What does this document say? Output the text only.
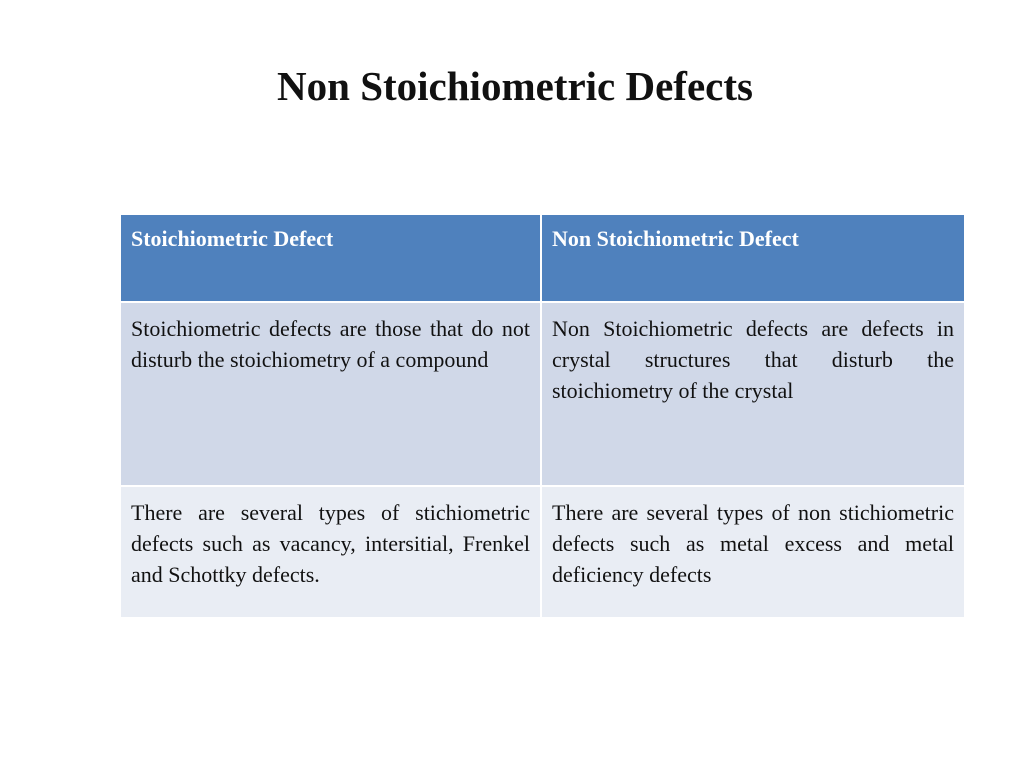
Non Stoichiometric Defects
Stoichiometric Defect	Non Stoichiometric Defect
Stoichiometric defects are those that do not disturb the stoichiometry of a compound	Non Stoichiometric defects are defects in crystal structures that disturb the stoichiometry of the crystal
There are several types of stichiometric defects such as vacancy, intersitial, Frenkel and Schottky defects.	There are several types of non stichiometric defects such as metal excess and metal deficiency defects
